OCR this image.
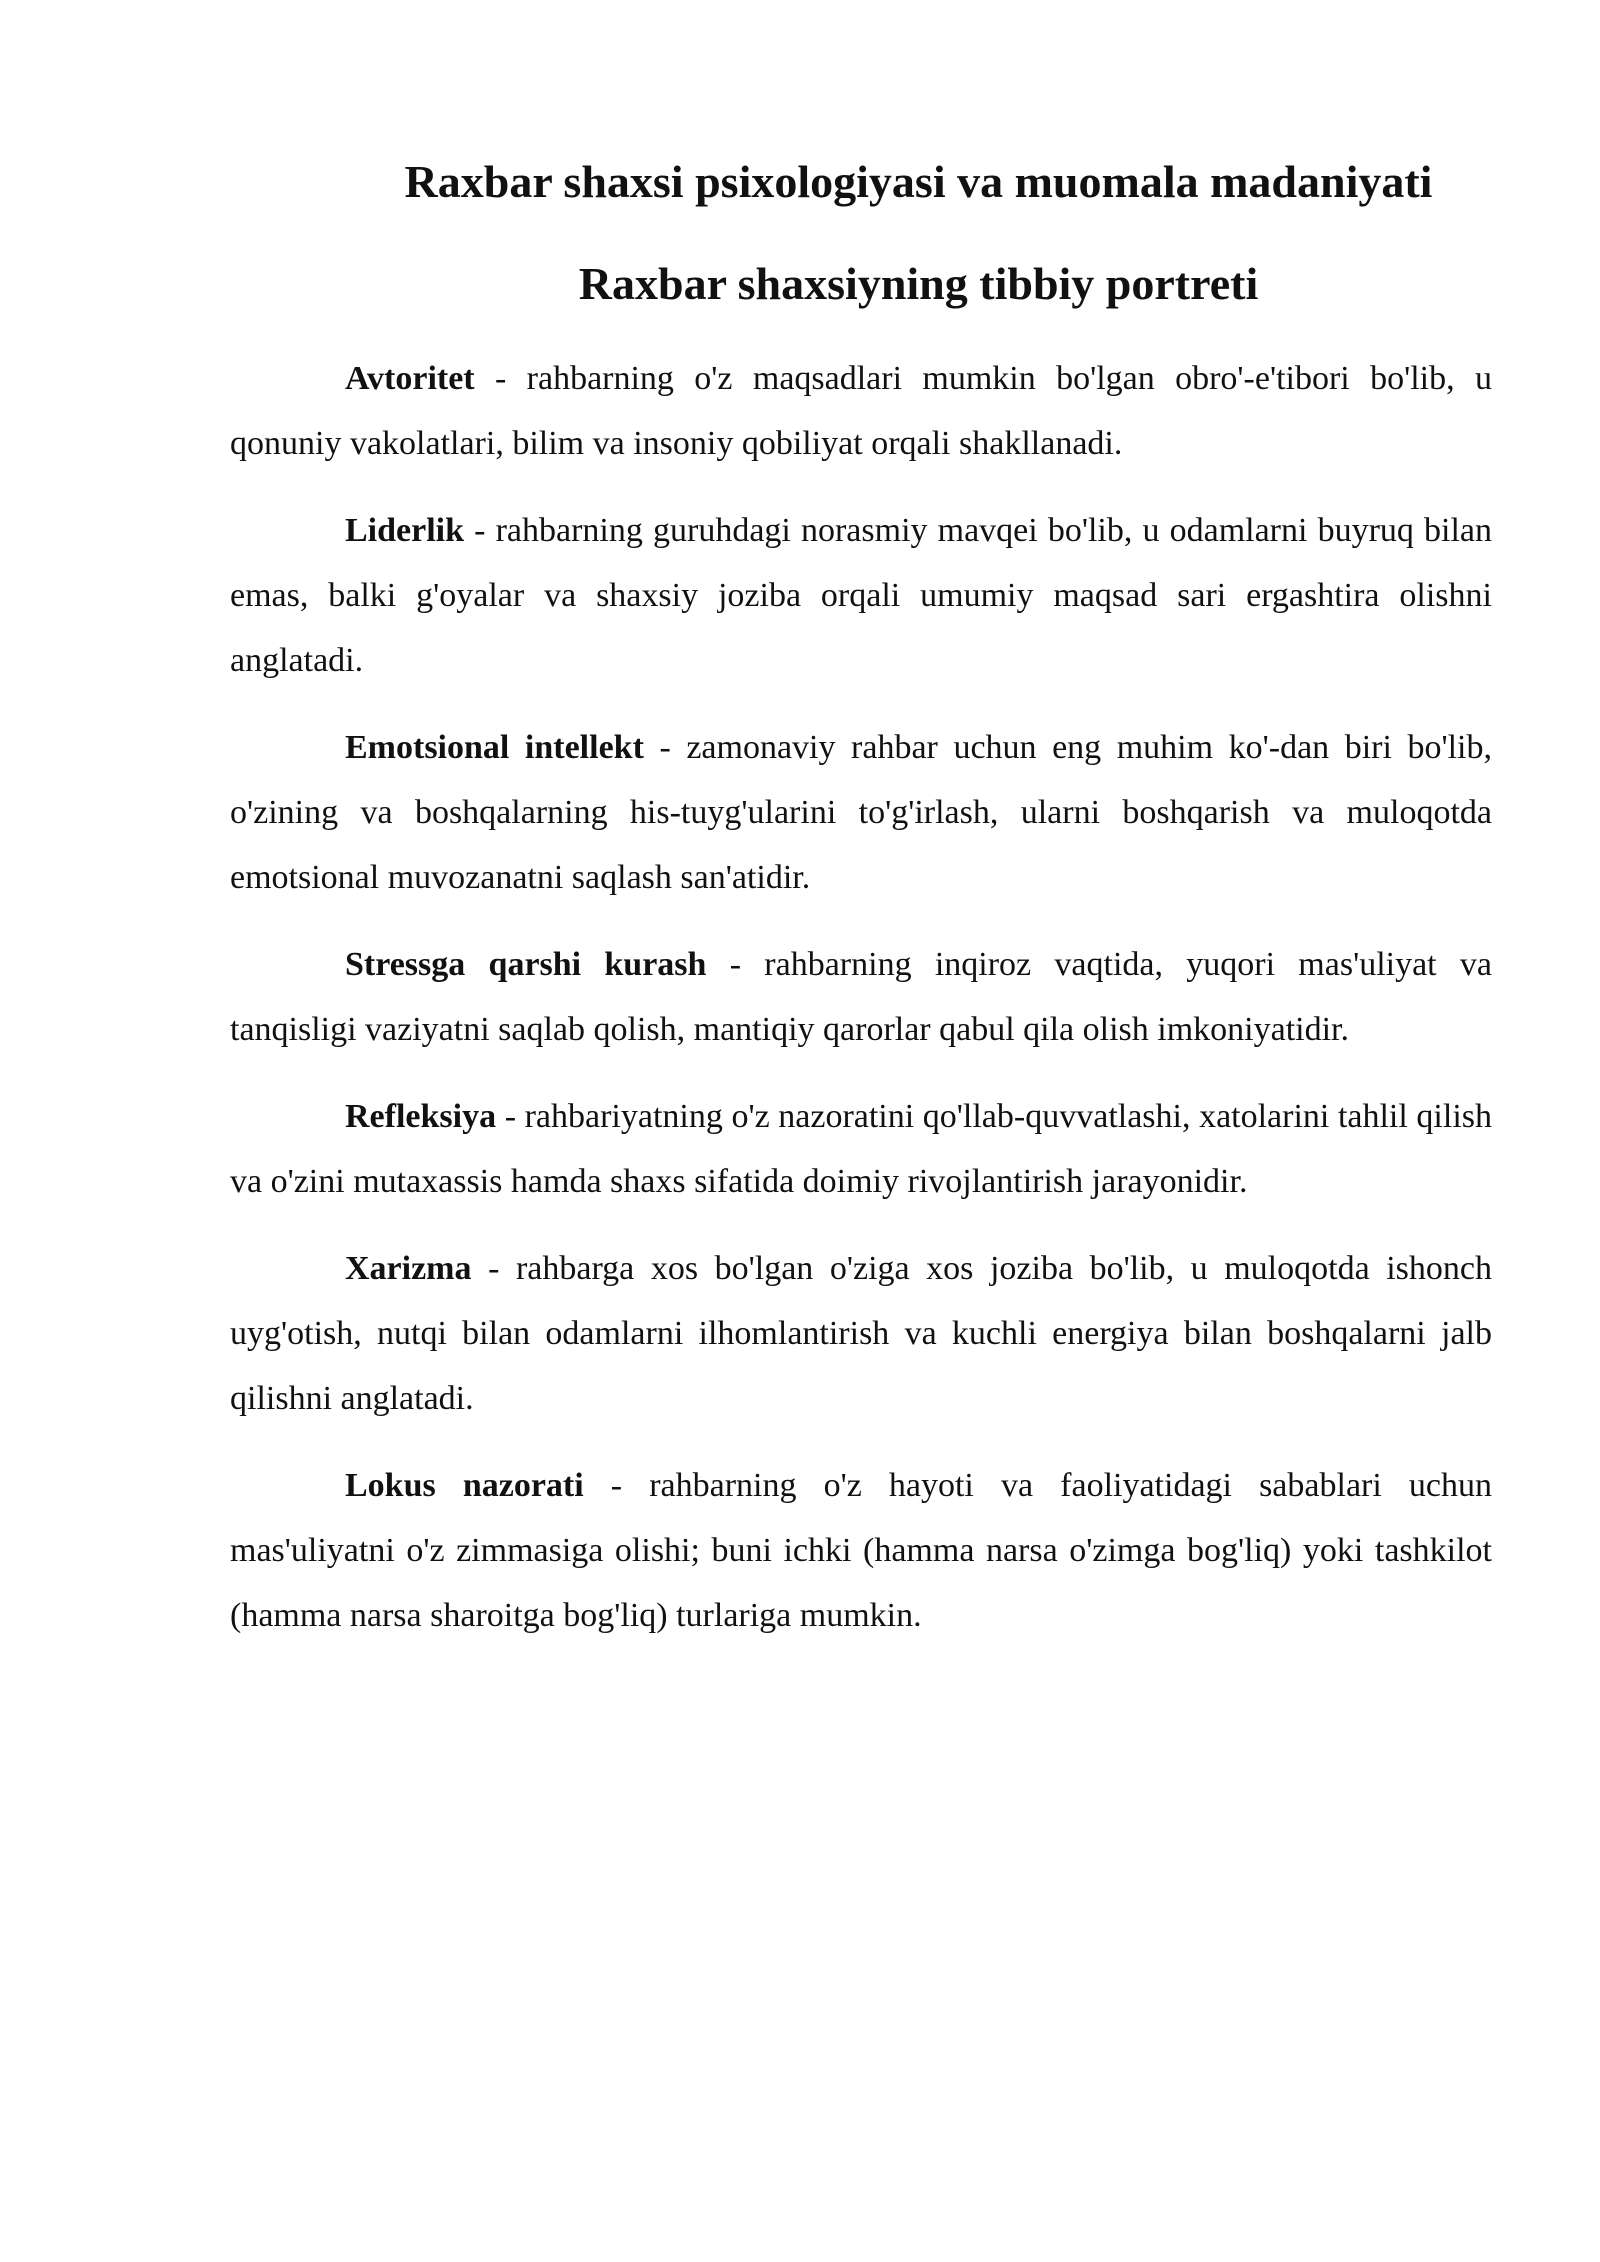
Raxbar shaxsi psixologiyasi va muomala madaniyati
Raxbar shaxsiyning tibbiy portreti

Avtoritet - rahbarning o'z maqsadlari mumkin bo'lgan obro'-e'tibori bo'lib, u qonuniy vakolatlari, bilim va insoniy qobiliyat orqali shakllanadi.

Liderlik - rahbarning guruhdagi norasmiy mavqei bo'lib, u odamlarni buyruq bilan emas, balki g'oyalar va shaxsiy joziba orqali umumiy maqsad sari ergashtira olishni anglatadi.

Emotsional intellekt - zamonaviy rahbar uchun eng muhim ko'-dan biri bo'lib, o'zining va boshqalarning his-tuyg'ularini to'g'irlash, ularni boshqarish va muloqotda emotsional muvozanatni saqlash san'atidir.

Stressga qarshi kurash - rahbarning inqiroz vaqtida, yuqori mas'uliyat va tanqisligi vaziyatni saqlab qolish, mantiqiy qarorlar qabul qila olish imkoniyatidir.

Refleksiya - rahbariyatning o'z nazoratini qo'llab-quvvatlashi, xatolarini tahlil qilish va o'zini mutaxassis hamda shaxs sifatida doimiy rivojlantirish jarayonidir.

Xarizma - rahbarga xos bo'lgan o'ziga xos joziba bo'lib, u muloqotda ishonch uyg'otish, nutqi bilan odamlarni ilhomlantirish va kuchli energiya bilan boshqalarni jalb qilishni anglatadi.

Lokus nazorati - rahbarning o'z hayoti va faoliyatidagi sabablari uchun mas'uliyatni o'z zimmasiga olishi; buni ichki (hamma narsa o'zimga bog'liq) yoki tashkilot (hamma narsa sharoitga bog'liq) turlariga mumkin.
